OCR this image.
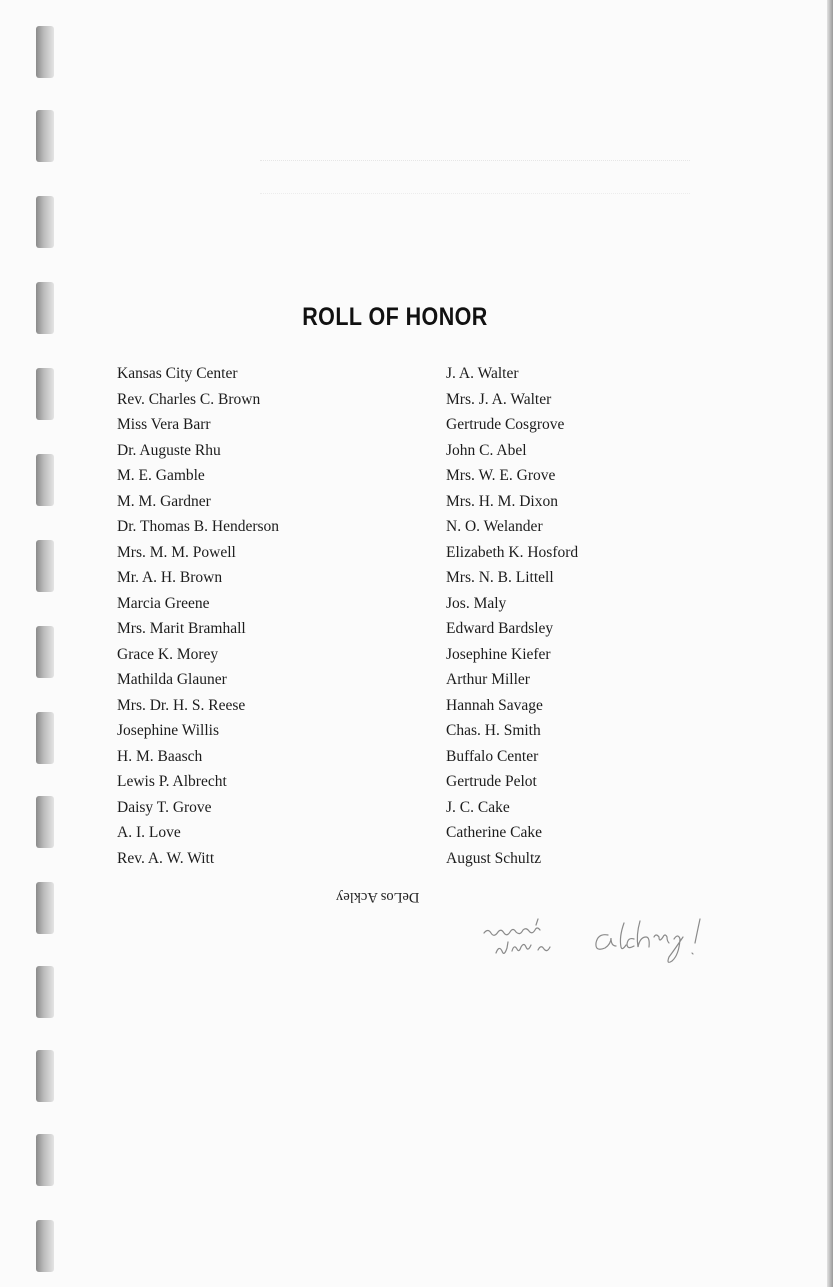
ROLL OF HONOR
Kansas City Center
Rev. Charles C. Brown
Miss Vera Barr
Dr. Auguste Rhu
M. E. Gamble
M. M. Gardner
Dr. Thomas B. Henderson
Mrs. M. M. Powell
Mr. A. H. Brown
Marcia Greene
Mrs. Marit Bramhall
Grace K. Morey
Mathilda Glauner
Mrs. Dr. H. S. Reese
Josephine Willis
H. M. Baasch
Lewis P. Albrecht
Daisy T. Grove
A. I. Love
Rev. A. W. Witt
J. A. Walter
Mrs. J. A. Walter
Gertrude Cosgrove
John C. Abel
Mrs. W. E. Grove
Mrs. H. M. Dixon
N. O. Welander
Elizabeth K. Hosford
Mrs. N. B. Littell
Jos. Maly
Edward Bardsley
Josephine Kiefer
Arthur Miller
Hannah Savage
Chas. H. Smith
Buffalo Center
Gertrude Pelot
J. C. Cake
Catherine Cake
August Schultz
DeLos Ackley
